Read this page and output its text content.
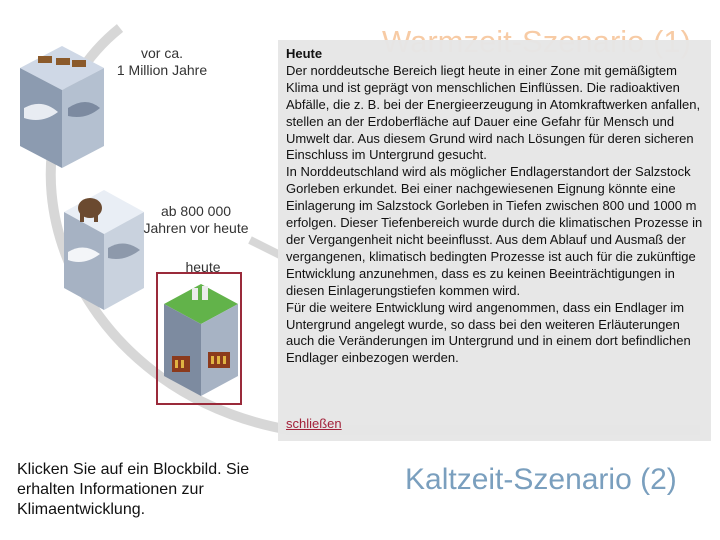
Kaltzeit-Szenario (2)
vor ca.
1 Million Jahre
ab 800 000
Jahren vor heute
heute
Klicken Sie auf ein Blockbild. Sie erhalten Informationen zur Klimaentwicklung.

Heute

Der norddeutsche Bereich liegt heute in einer Zone mit gemäßigtem Klima und ist geprägt von menschlichen Einflüssen. Die radioaktiven Abfälle, die z. B. bei der Energieerzeugung in Atomkraftwerken anfallen, stellen an der Erdoberfläche auf Dauer eine Gefahr für Mensch und Umwelt dar. Aus diesem Grund wird nach Lösungen für deren sicheren Einschluss im Untergrund gesucht.

In Norddeutschland wird als möglicher Endlagerstandort der Salzstock Gorleben erkundet. Bei einer nachgewiesenen Eignung könnte eine Einlagerung im Salzstock Gorleben in Tiefen zwischen 800 und 1000 m erfolgen. Dieser Tiefenbereich wurde durch die klimatischen Prozesse in der Vergangenheit nicht beeinflusst. Aus dem Ablauf und Ausmaß der vergangenen, klimatisch bedingten Prozesse ist auch für die zukünftige Entwicklung anzunehmen, dass es zu keinen Beeinträchtigungen in diesen Einlagerungstiefen kommen wird.

Für die weitere Entwicklung wird angenommen, dass ein Endlager im Untergrund angelegt wurde, so dass bei den weiteren Erläuterungen auch die Veränderungen im Untergrund und in einem dort befindlichen Endlager einbezogen werden.

schließen
